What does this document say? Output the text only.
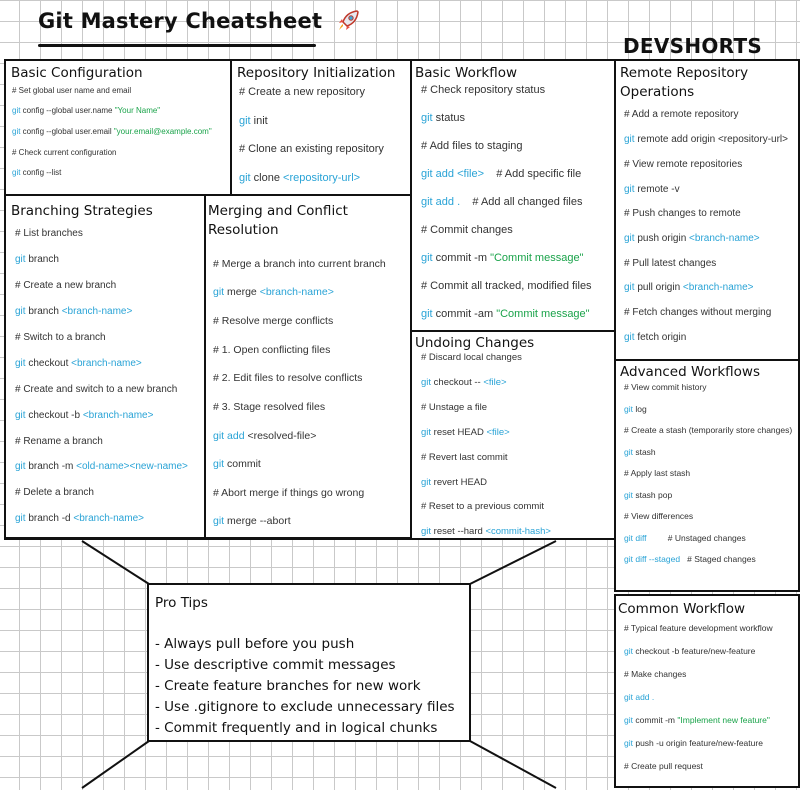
Git Mastery Cheatsheet
DEVSHORTS
Basic Configuration
# Set global user name and email
git config --global user.name "Your Name"
git config --global user.email "your.email@example.com"
# Check current configuration
git config --list
Repository Initialization
# Create a new repository
git init
# Clone an existing repository
git clone <repository-url>
Basic Workflow
# Check repository status
git status
# Add files to staging
git add <file>    # Add specific file
git add .    # Add all changed files
# Commit changes
git commit -m "Commit message"
# Commit all tracked, modified files
git commit -am "Commit message"
Remote Repository
Operations
# Add a remote repository
git remote add origin <repository-url>
# View remote repositories
git remote -v
# Push changes to remote
git push origin <branch-name>
# Pull latest changes
git pull origin <branch-name>
# Fetch changes without merging
git fetch origin
Branching Strategies
# List branches
git branch
# Create a new branch
git branch <branch-name>
# Switch to a branch
git checkout <branch-name>
# Create and switch to a new branch
git checkout -b <branch-name>
# Rename a branch
git branch -m <old-name><new-name>
# Delete a branch
git branch -d <branch-name>
Merging and Conflict
Resolution
# Merge a branch into current branch
git merge <branch-name>
# Resolve merge conflicts
# 1. Open conflicting files
# 2. Edit files to resolve conflicts
# 3. Stage resolved files
git add <resolved-file>
git commit
# Abort merge if things go wrong
git merge --abort
Undoing Changes
# Discard local changes
git checkout -- <file>
# Unstage a file
git reset HEAD <file>
# Revert last commit
git revert HEAD
# Reset to a previous commit
git reset --hard <commit-hash>
Advanced Workflows
# View commit history
git log
# Create a stash (temporarily store changes)
git stash
# Apply last stash
git stash pop
# View differences
git diff         # Unstaged changes
git diff --staged   # Staged changes
Common Workflow
# Typical feature development workflow
git checkout -b feature/new-feature
# Make changes
git add .
git commit -m "Implement new feature"
git push -u origin feature/new-feature
# Create pull request
Pro Tips
- Always pull before you push
- Use descriptive commit messages
- Create feature branches for new work
- Use .gitignore to exclude unnecessary files
- Commit frequently and in logical chunks
